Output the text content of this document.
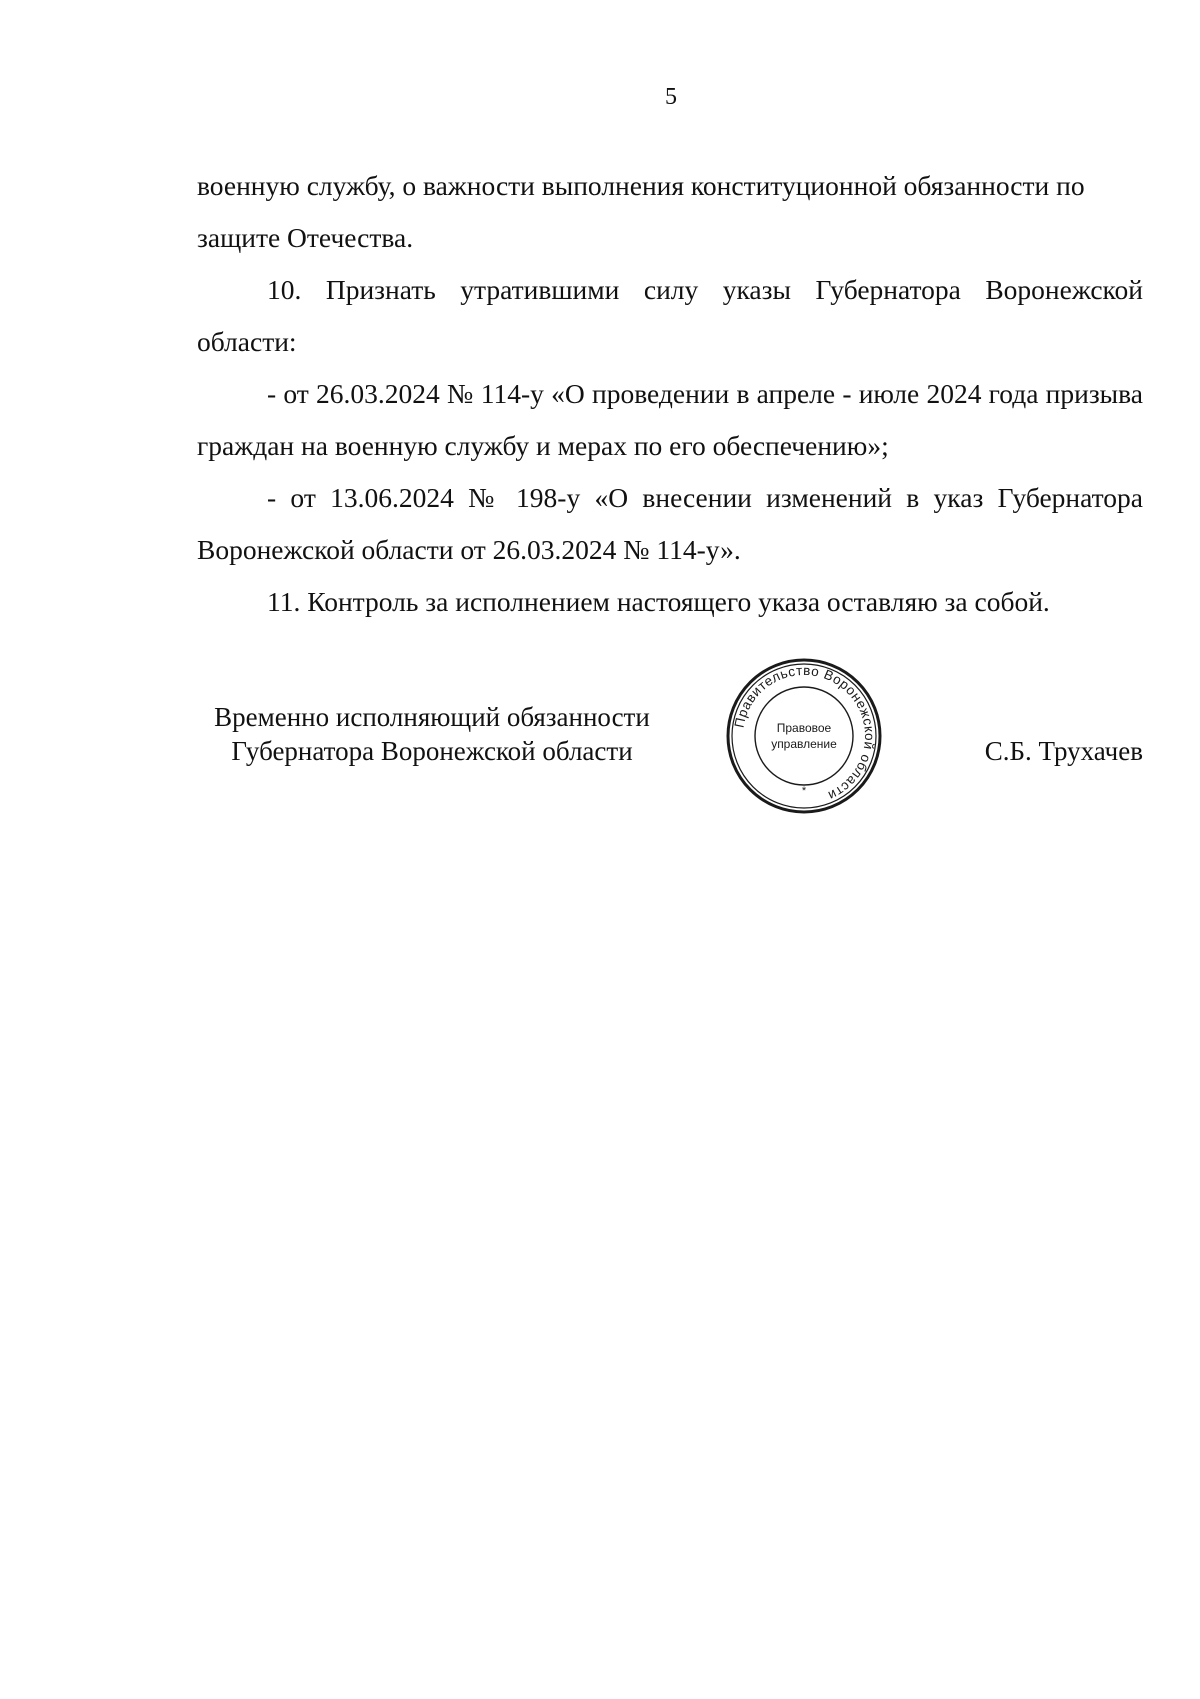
5

военную службу, о важности выполнения конституционной обязанности по
защите Отечества.

10. Признать утратившими силу указы Губернатора Воронежской области:

- от 26.03.2024 № 114-у «О проведении в апреле - июле 2024 года призыва граждан на военную службу и мерах по его обеспечению»;

- от 13.06.2024 № 198-у «О внесении изменений в указ Губернатора Воронежской области от 26.03.2024 № 114-у».

11. Контроль за исполнением настоящего указа оставляю за собой.

Временно исполняющий обязанности
Губернатора Воронежской области
Правительство Воронежской области
Правовое
управление
*
С.Б. Трухачев
